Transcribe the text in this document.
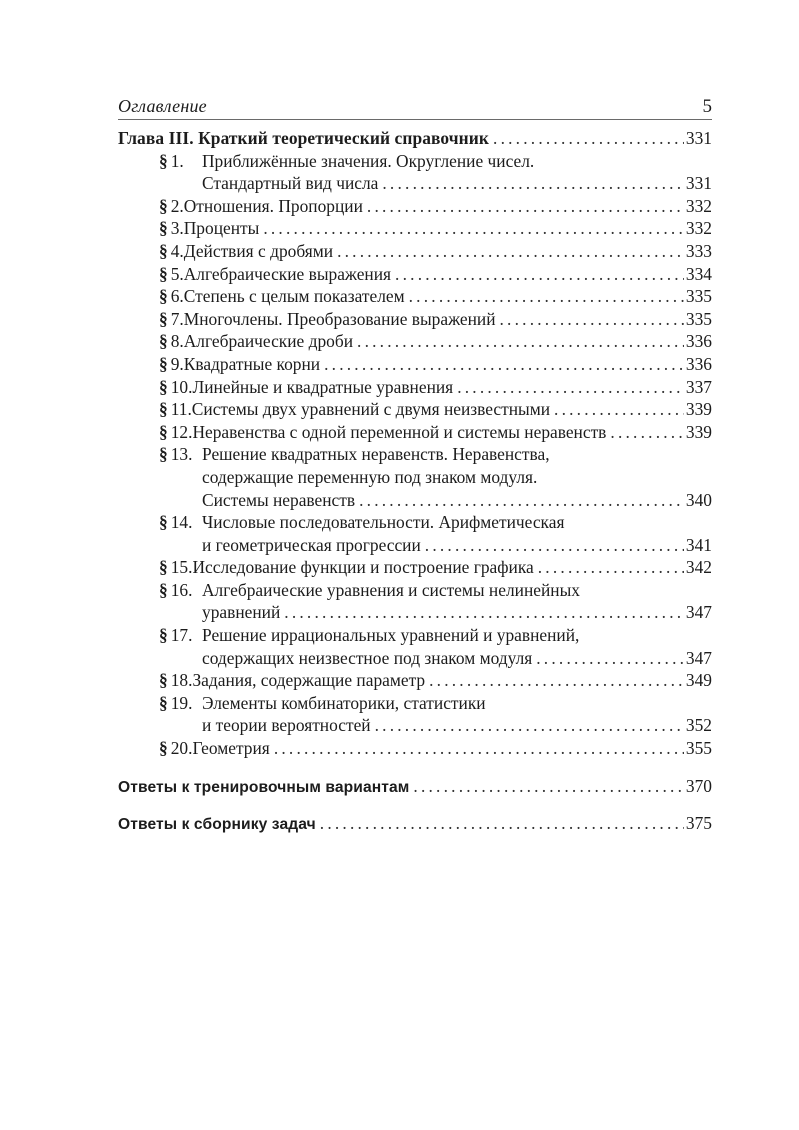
Оглавление	5
Глава III. Краткий теоретический справочник .....	331
§ 1.	Приближённые значения. Округление чисел.
Стандартный вид числа .....	331
§ 2. Отношения. Пропорции .....	332
§ 3. Проценты .....	332
§ 4. Действия с дробями .....	333
§ 5. Алгебраические выражения .....	334
§ 6. Степень с целым показателем .....	335
§ 7. Многочлены. Преобразование выражений .....	335
§ 8. Алгебраические дроби .....	336
§ 9. Квадратные корни .....	336
§ 10. Линейные и квадратные уравнения .....	337
§ 11. Системы двух уравнений с двумя неизвестными .....	339
§ 12. Неравенства с одной переменной и системы неравенств .....	339
§ 13. Решение квадратных неравенств. Неравенства,
содержащие переменную под знаком модуля.
Системы неравенств .....	340
§ 14. Числовые последовательности. Арифметическая
и геометрическая прогрессии .....	341
§ 15. Исследование функции и построение графика .....	342
§ 16. Алгебраические уравнения и системы нелинейных
уравнений .....	347
§ 17. Решение иррациональных уравнений и уравнений,
содержащих неизвестное под знаком модуля .....	347
§ 18. Задания, содержащие параметр .....	349
§ 19. Элементы комбинаторики, статистики
и теории вероятностей .....	352
§ 20. Геометрия .....	355
Ответы к тренировочным вариантам .....	370
Ответы к сборнику задач .....	375
